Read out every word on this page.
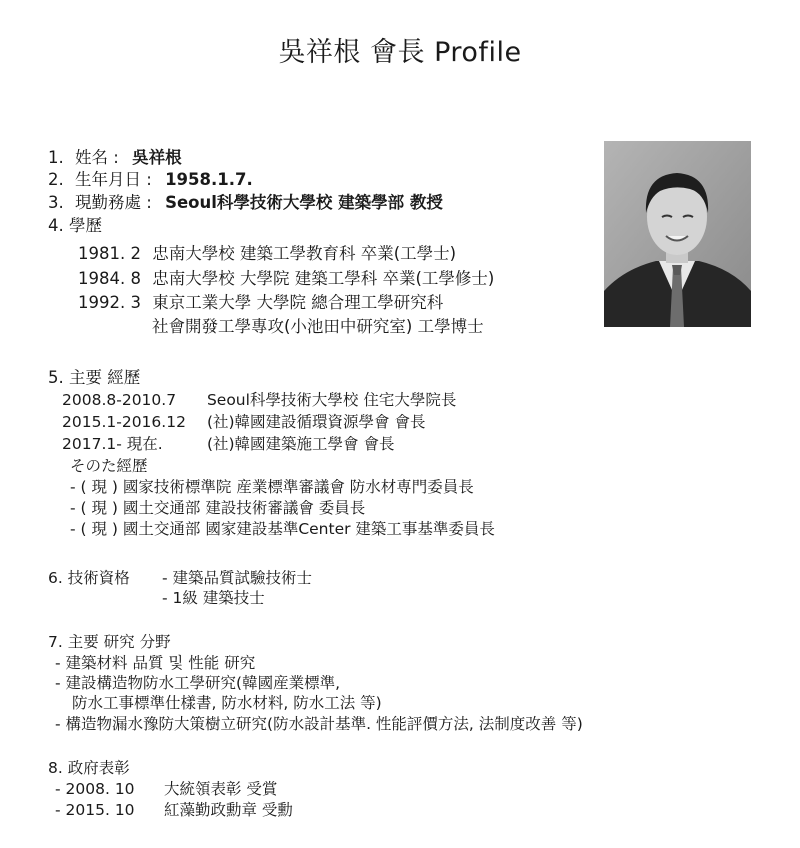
吳祥根 會長 Profile
1. 姓名 : 吳祥根
2. 生年月日 : 1958.1.7.
3. 現勤務處 : Seoul科學技術大學校 建築學部 教授
4. 學歷
1981. 2 忠南大學校 建築工學教育科 卒業(工學士)
1984. 8 忠南大學校 大學院 建築工學科 卒業(工學修士)
1992. 3 東京工業大學 大學院 總合理工學研究科
社會開發工學專攻(小池田中研究室) 工學博士
5. 主要 經歷
2008.8-2010.7 Seoul科學技術大學校 住宅大學院長
2015.1-2016.12 (社)韓國建設循環資源學會 會長
2017.1- 現在.	(社)韓國建築施工學會 會長
そのた經歷
- ( 現 ) 國家技術標準院 産業標準審議會 防水材専門委員長
- ( 現 ) 國土交通部 建設技術審議會 委員長
- ( 現 ) 國土交通部 國家建設基準Center 建築工事基準委員長
6. 技術資格 - 建築品質試驗技術士
- 1級 建築技士
7. 主要 研究 分野
- 建築材料 品質 및 性能 研究
- 建設構造物防水工學研究(韓國産業標準,
防水工事標準仕樣書, 防水材料, 防水工法 等)
- 構造物漏水豫防大策樹立研究(防水設計基準. 性能評價方法, 法制度改善 等)
8. 政府表彰
- 2008. 10 大統領表彰 受賞
- 2015. 10 紅藻勤政勳章 受勳
